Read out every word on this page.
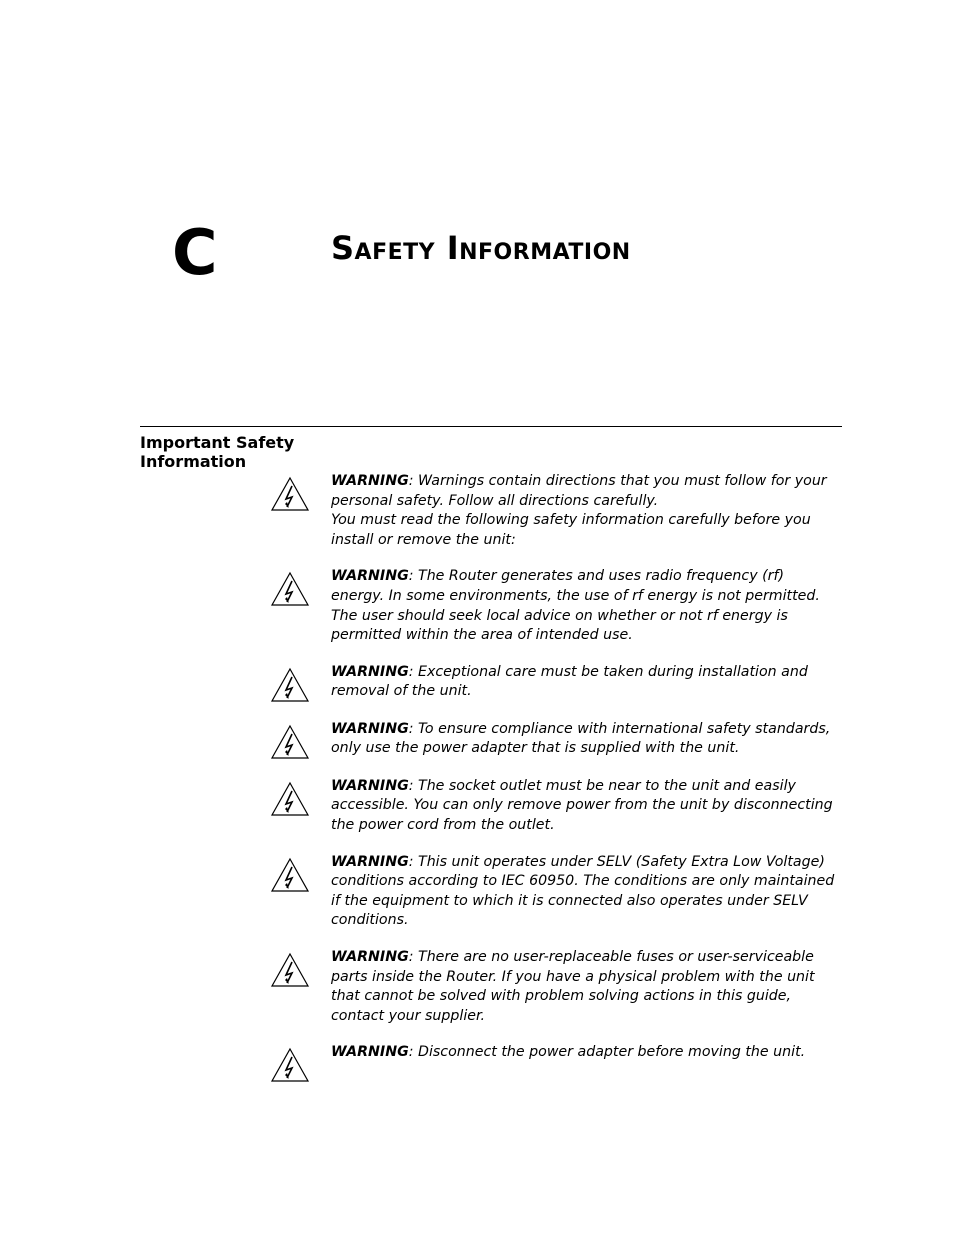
C	Safety Information
Important Safety Information
WARNING: Warnings contain directions that you must follow for your personal safety. Follow all directions carefully.
You must read the following safety information carefully before you install or remove the unit:
WARNING: The Router generates and uses radio frequency (rf) energy. In some environments, the use of rf energy is not permitted. The user should seek local advice on whether or not rf energy is permitted within the area of intended use.
WARNING: Exceptional care must be taken during installation and removal of the unit.
WARNING: To ensure compliance with international safety standards, only use the power adapter that is supplied with the unit.
WARNING: The socket outlet must be near to the unit and easily accessible. You can only remove power from the unit by disconnecting the power cord from the outlet.
WARNING: This unit operates under SELV (Safety Extra Low Voltage) conditions according to IEC 60950. The conditions are only maintained if the equipment to which it is connected also operates under SELV conditions.
WARNING: There are no user-replaceable fuses or user-serviceable parts inside the Router. If you have a physical problem with the unit that cannot be solved with problem solving actions in this guide, contact your supplier.
WARNING: Disconnect the power adapter before moving the unit.
